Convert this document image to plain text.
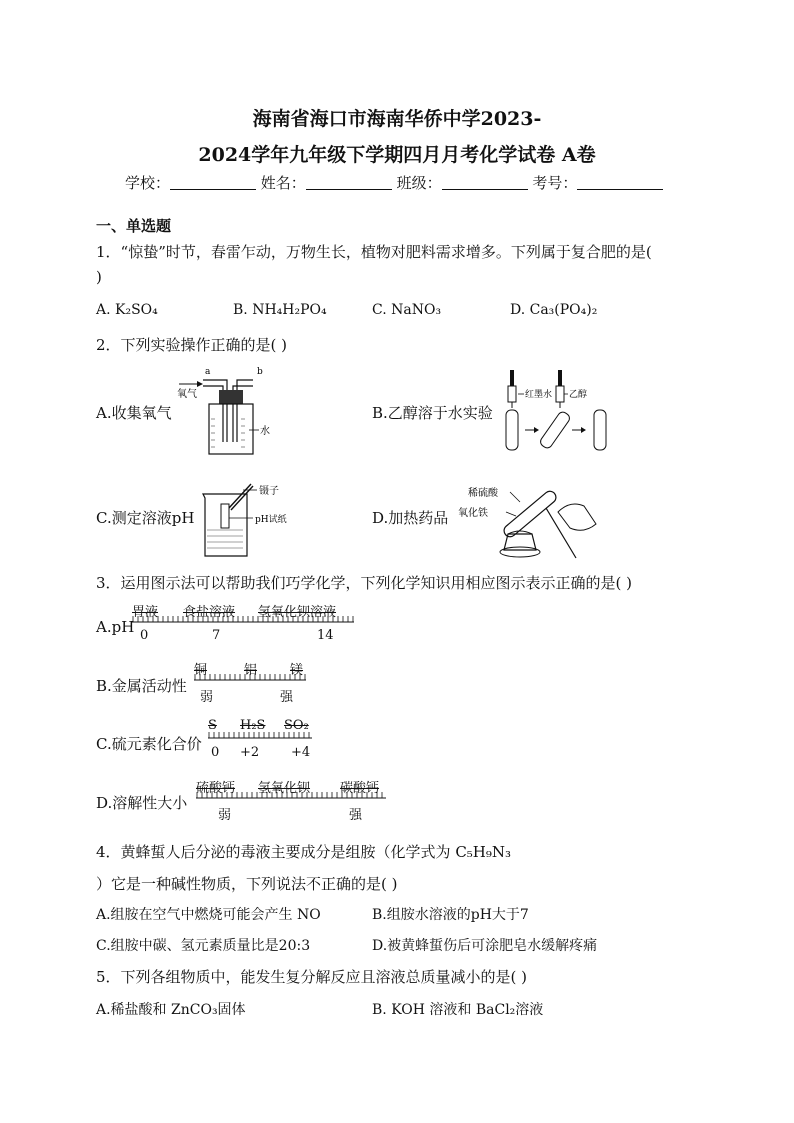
海南省海口市海南华侨中学2023-
2024学年九年级下学期四月月考化学试卷 A卷
学校：	姓名：	班级：	考号：
一、单选题
1．“惊蛰”时节，春雷乍动，万物生长，植物对肥料需求增多。下列属于复合肥的是(
)
A. K₂SO₄	B. NH₄H₂PO₄	C. NaNO₃	D. Ca₃(PO₄)₂
2．下列实验操作正确的是( )
A.收集氧气
a	b
氧气
水
B.乙醇溶于水实验
红墨水 乙醇
C.测定溶液pH
镊子
pH试纸	D.加热药品
稀硫酸
氧化铁
3．运用图示法可以帮助我们巧学化学，下列化学知识用相应图示表示正确的是( )
A.pH
胃液 食盐溶液 氢氧化钡溶液
0	7	14
B.金属活动性
铜	铝	镁
弱	强
C.硫元素化合价
S H₂S SO₂
0 +2 +4
D.溶解性大小
硫酸钙 氢氧化钡 碳酸钙
弱	强
4．黄蜂蜇人后分泌的毒液主要成分是组胺（化学式为 C₅H₉N₃
）它是一种碱性物质，下列说法不正确的是( )
A.组胺在空气中燃烧可能会产生 NO	B.组胺水溶液的pH大于7
C.组胺中碳、氢元素质量比是20:3	D.被黄蜂蜇伤后可涂肥皂水缓解疼痛
5．下列各组物质中，能发生复分解反应且溶液总质量减小的是( )
A.稀盐酸和 ZnCO₃固体	B. KOH 溶液和 BaCl₂溶液
